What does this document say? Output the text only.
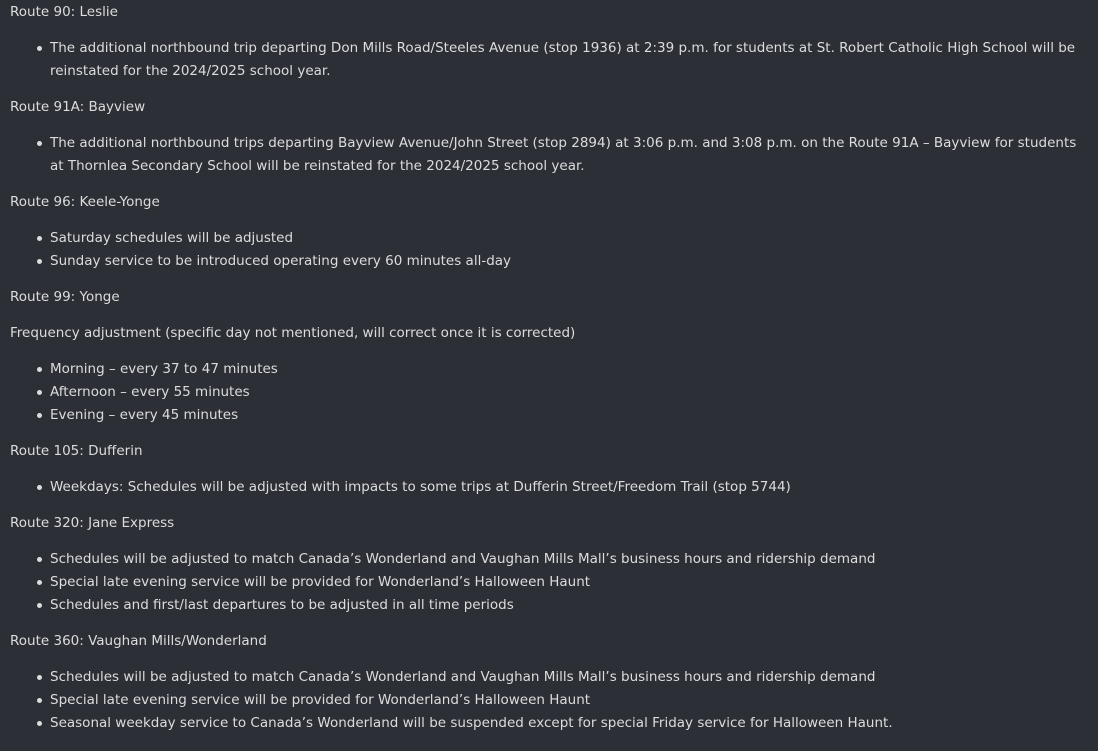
Route 90: Leslie

The additional northbound trip departing Don Mills Road/Steeles Avenue (stop 1936) at 2:39 p.m. for students at St. Robert Catholic High School will be reinstated for the 2024/2025 school year.

Route 91A: Bayview

The additional northbound trips departing Bayview Avenue/John Street (stop 2894) at 3:06 p.m. and 3:08 p.m. on the Route 91A – Bayview for students at Thornlea Secondary School will be reinstated for the 2024/2025 school year.

Route 96: Keele-Yonge

Saturday schedules will be adjusted
Sunday service to be introduced operating every 60 minutes all-day

Route 99: Yonge

Frequency adjustment (specific day not mentioned, will correct once it is corrected)

Morning – every 37 to 47 minutes
Afternoon – every 55 minutes
Evening – every 45 minutes

Route 105: Dufferin

Weekdays: Schedules will be adjusted with impacts to some trips at Dufferin Street/Freedom Trail (stop 5744)

Route 320: Jane Express

Schedules will be adjusted to match Canada’s Wonderland and Vaughan Mills Mall’s business hours and ridership demand
Special late evening service will be provided for Wonderland’s Halloween Haunt
Schedules and first/last departures to be adjusted in all time periods

Route 360: Vaughan Mills/Wonderland

Schedules will be adjusted to match Canada’s Wonderland and Vaughan Mills Mall’s business hours and ridership demand
Special late evening service will be provided for Wonderland’s Halloween Haunt
Seasonal weekday service to Canada’s Wonderland will be suspended except for special Friday service for Halloween Haunt.
